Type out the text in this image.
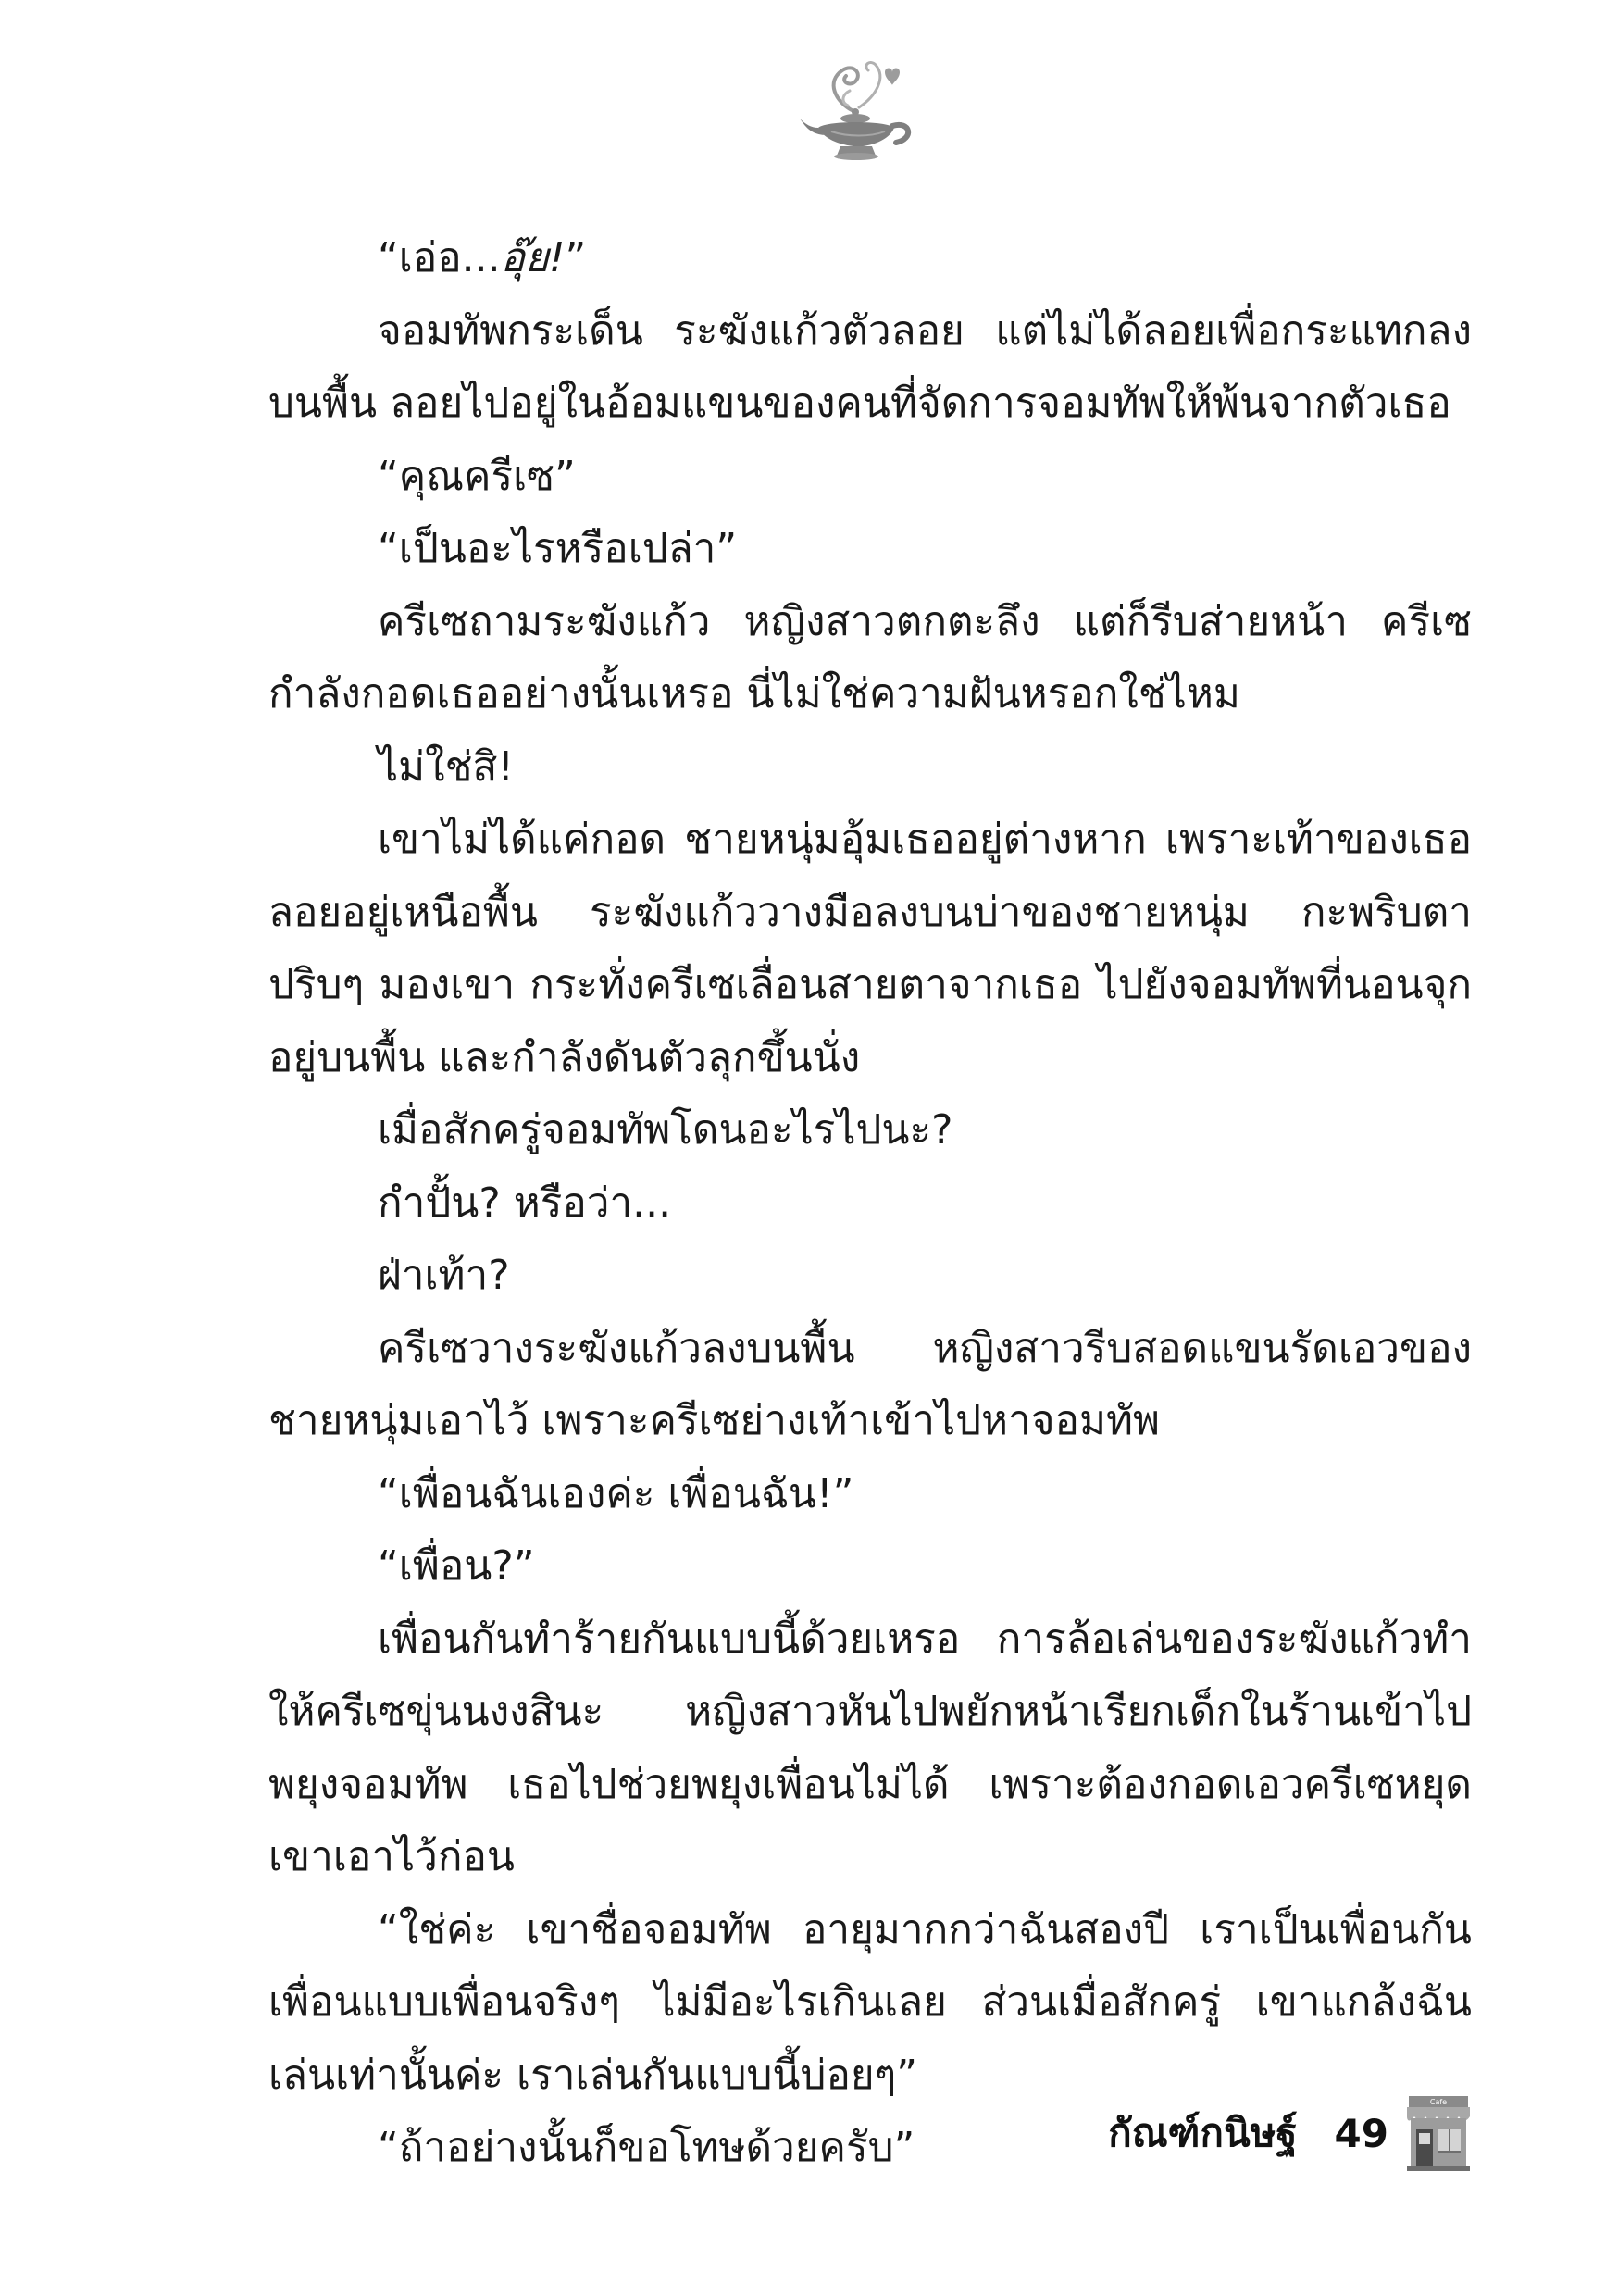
“เอ่อ...อุ๊ย!”

จอมทัพกระเด็น ระฆังแก้วตัวลอย แต่ไม่ได้ลอยเพื่อกระแทกลงบนพื้น ลอยไปอยู่ในอ้อมแขนของคนที่จัดการจอมทัพให้พ้นจากตัวเธอ

“คุณครีเซ”

“เป็นอะไรหรือเปล่า”

ครีเซถามระฆังแก้ว หญิงสาวตกตะลึง แต่ก็รีบส่ายหน้า ครีเซกำลังกอดเธออย่างนั้นเหรอ นี่ไม่ใช่ความฝันหรอกใช่ไหม

ไม่ใช่สิ!

เขาไม่ได้แค่กอด ชายหนุ่มอุ้มเธออยู่ต่างหาก เพราะเท้าของเธอลอยอยู่เหนือพื้น ระฆังแก้ววางมือลงบนบ่าของชายหนุ่ม กะพริบตาปริบๆ มองเขา กระทั่งครีเซเลื่อนสายตาจากเธอ ไปยังจอมทัพที่นอนจุกอยู่บนพื้น และกำลังดันตัวลุกขึ้นนั่ง

เมื่อสักครู่จอมทัพโดนอะไรไปนะ?

กำปั้น? หรือว่า...

ฝ่าเท้า?

ครีเซวางระฆังแก้วลงบนพื้น หญิงสาวรีบสอดแขนรัดเอวของชายหนุ่มเอาไว้ เพราะครีเซย่างเท้าเข้าไปหาจอมทัพ

“เพื่อนฉันเองค่ะ เพื่อนฉัน!”

“เพื่อน?”

เพื่อนกันทำร้ายกันแบบนี้ด้วยเหรอ การล้อเล่นของระฆังแก้วทำให้ครีเซขุ่นนงงสินะ หญิงสาวหันไปพยักหน้าเรียกเด็กในร้านเข้าไปพยุงจอมทัพ เธอไปช่วยพยุงเพื่อนไม่ได้ เพราะต้องกอดเอวครีเซหยุดเขาเอาไว้ก่อน

“ใช่ค่ะ เขาชื่อจอมทัพ อายุมากกว่าฉันสองปี เราเป็นเพื่อนกัน เพื่อนแบบเพื่อนจริงๆ ไม่มีอะไรเกินเลย ส่วนเมื่อสักครู่ เขาแกล้งฉันเล่นเท่านั้นค่ะ เราเล่นกันแบบนี้บ่อยๆ”

“ถ้าอย่างนั้นก็ขอโทษด้วยครับ”	กัณฑ์กนิษฐ์ 49
Cafe
